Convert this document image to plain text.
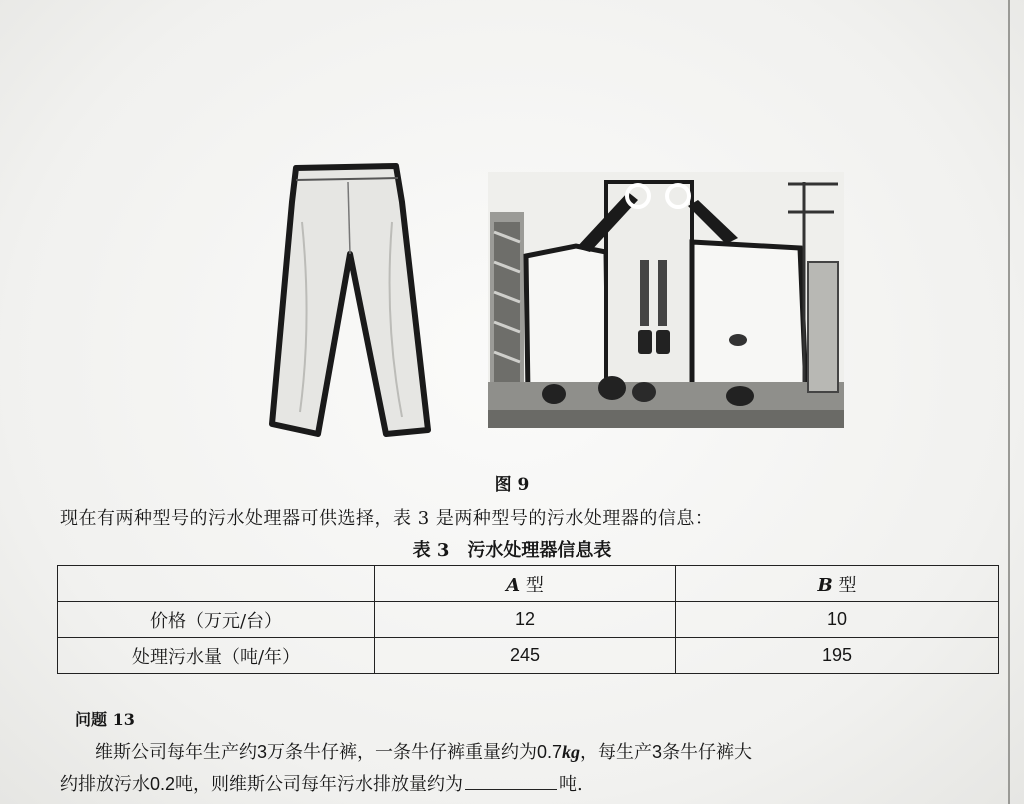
图 9
现在有两种型号的污水处理器可供选择，表 3 是两种型号的污水处理器的信息：
表 3　污水处理器信息表
	A 型	B 型
价格（万元/台）	12	10
处理污水量（吨/年）	245	195
问题 13
维斯公司每年生产约3万条牛仔裤，一条牛仔裤重量约为0.7kg，每生产3条牛仔裤大
约排放污水0.2吨，则维斯公司每年污水排放量约为	吨.
